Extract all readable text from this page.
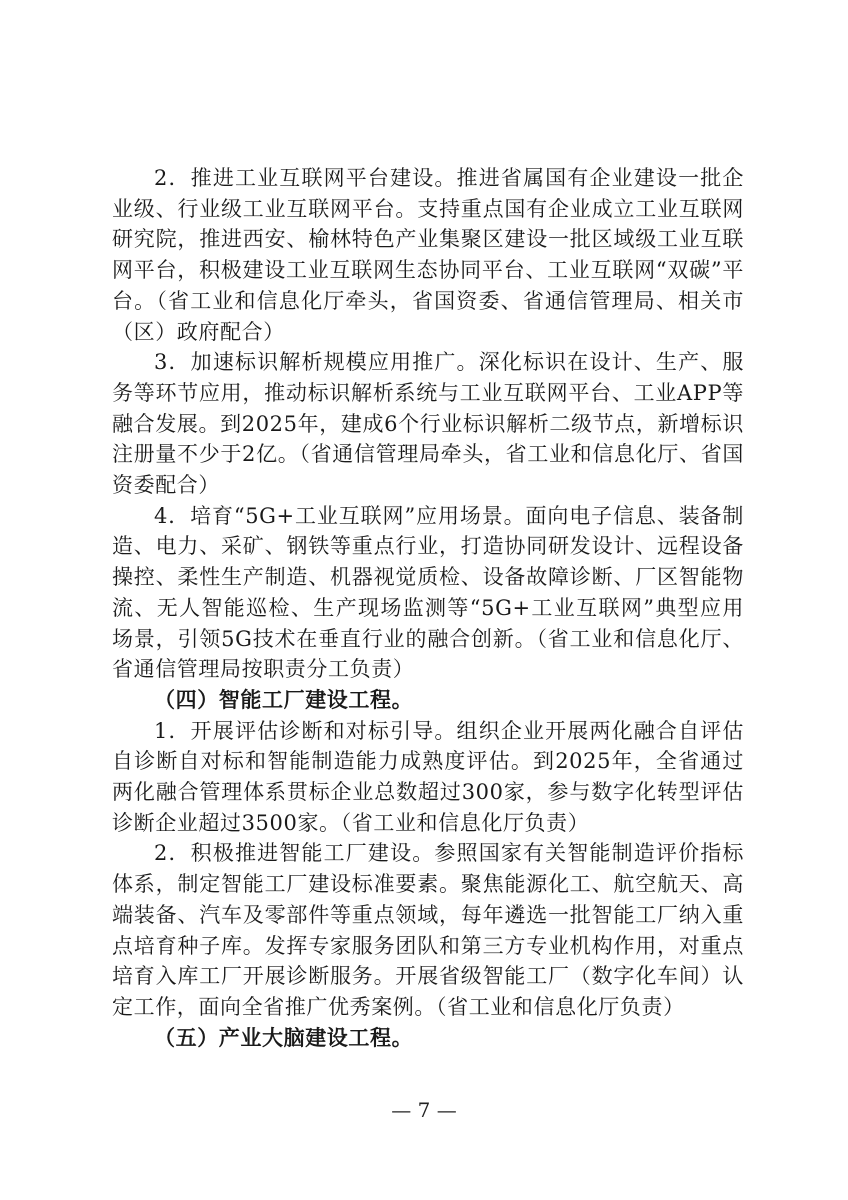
2．推进工业互联网平台建设。推进省属国有企业建设一批企业级、行业级工业互联网平台。支持重点国有企业成立工业互联网研究院，推进西安、榆林特色产业集聚区建设一批区域级工业互联网平台，积极建设工业互联网生态协同平台、工业互联网“双碳”平台。（省工业和信息化厅牵头，省国资委、省通信管理局、相关市（区）政府配合）

3．加速标识解析规模应用推广。深化标识在设计、生产、服务等环节应用，推动标识解析系统与工业互联网平台、工业APP等融合发展。到2025年，建成6个行业标识解析二级节点，新增标识注册量不少于2亿。（省通信管理局牵头，省工业和信息化厅、省国资委配合）

4．培育“5G+工业互联网”应用场景。面向电子信息、装备制造、电力、采矿、钢铁等重点行业，打造协同研发设计、远程设备操控、柔性生产制造、机器视觉质检、设备故障诊断、厂区智能物流、无人智能巡检、生产现场监测等“5G+工业互联网”典型应用场景，引领5G技术在垂直行业的融合创新。（省工业和信息化厅、省通信管理局按职责分工负责）

（四）智能工厂建设工程。

1．开展评估诊断和对标引导。组织企业开展两化融合自评估自诊断自对标和智能制造能力成熟度评估。到2025年，全省通过两化融合管理体系贯标企业总数超过300家，参与数字化转型评估诊断企业超过3500家。（省工业和信息化厅负责）

2．积极推进智能工厂建设。参照国家有关智能制造评价指标体系，制定智能工厂建设标准要素。聚焦能源化工、航空航天、高端装备、汽车及零部件等重点领域，每年遴选一批智能工厂纳入重点培育种子库。发挥专家服务团队和第三方专业机构作用，对重点培育入库工厂开展诊断服务。开展省级智能工厂（数字化车间）认定工作，面向全省推广优秀案例。（省工业和信息化厅负责）

（五）产业大脑建设工程。

— 7 —
